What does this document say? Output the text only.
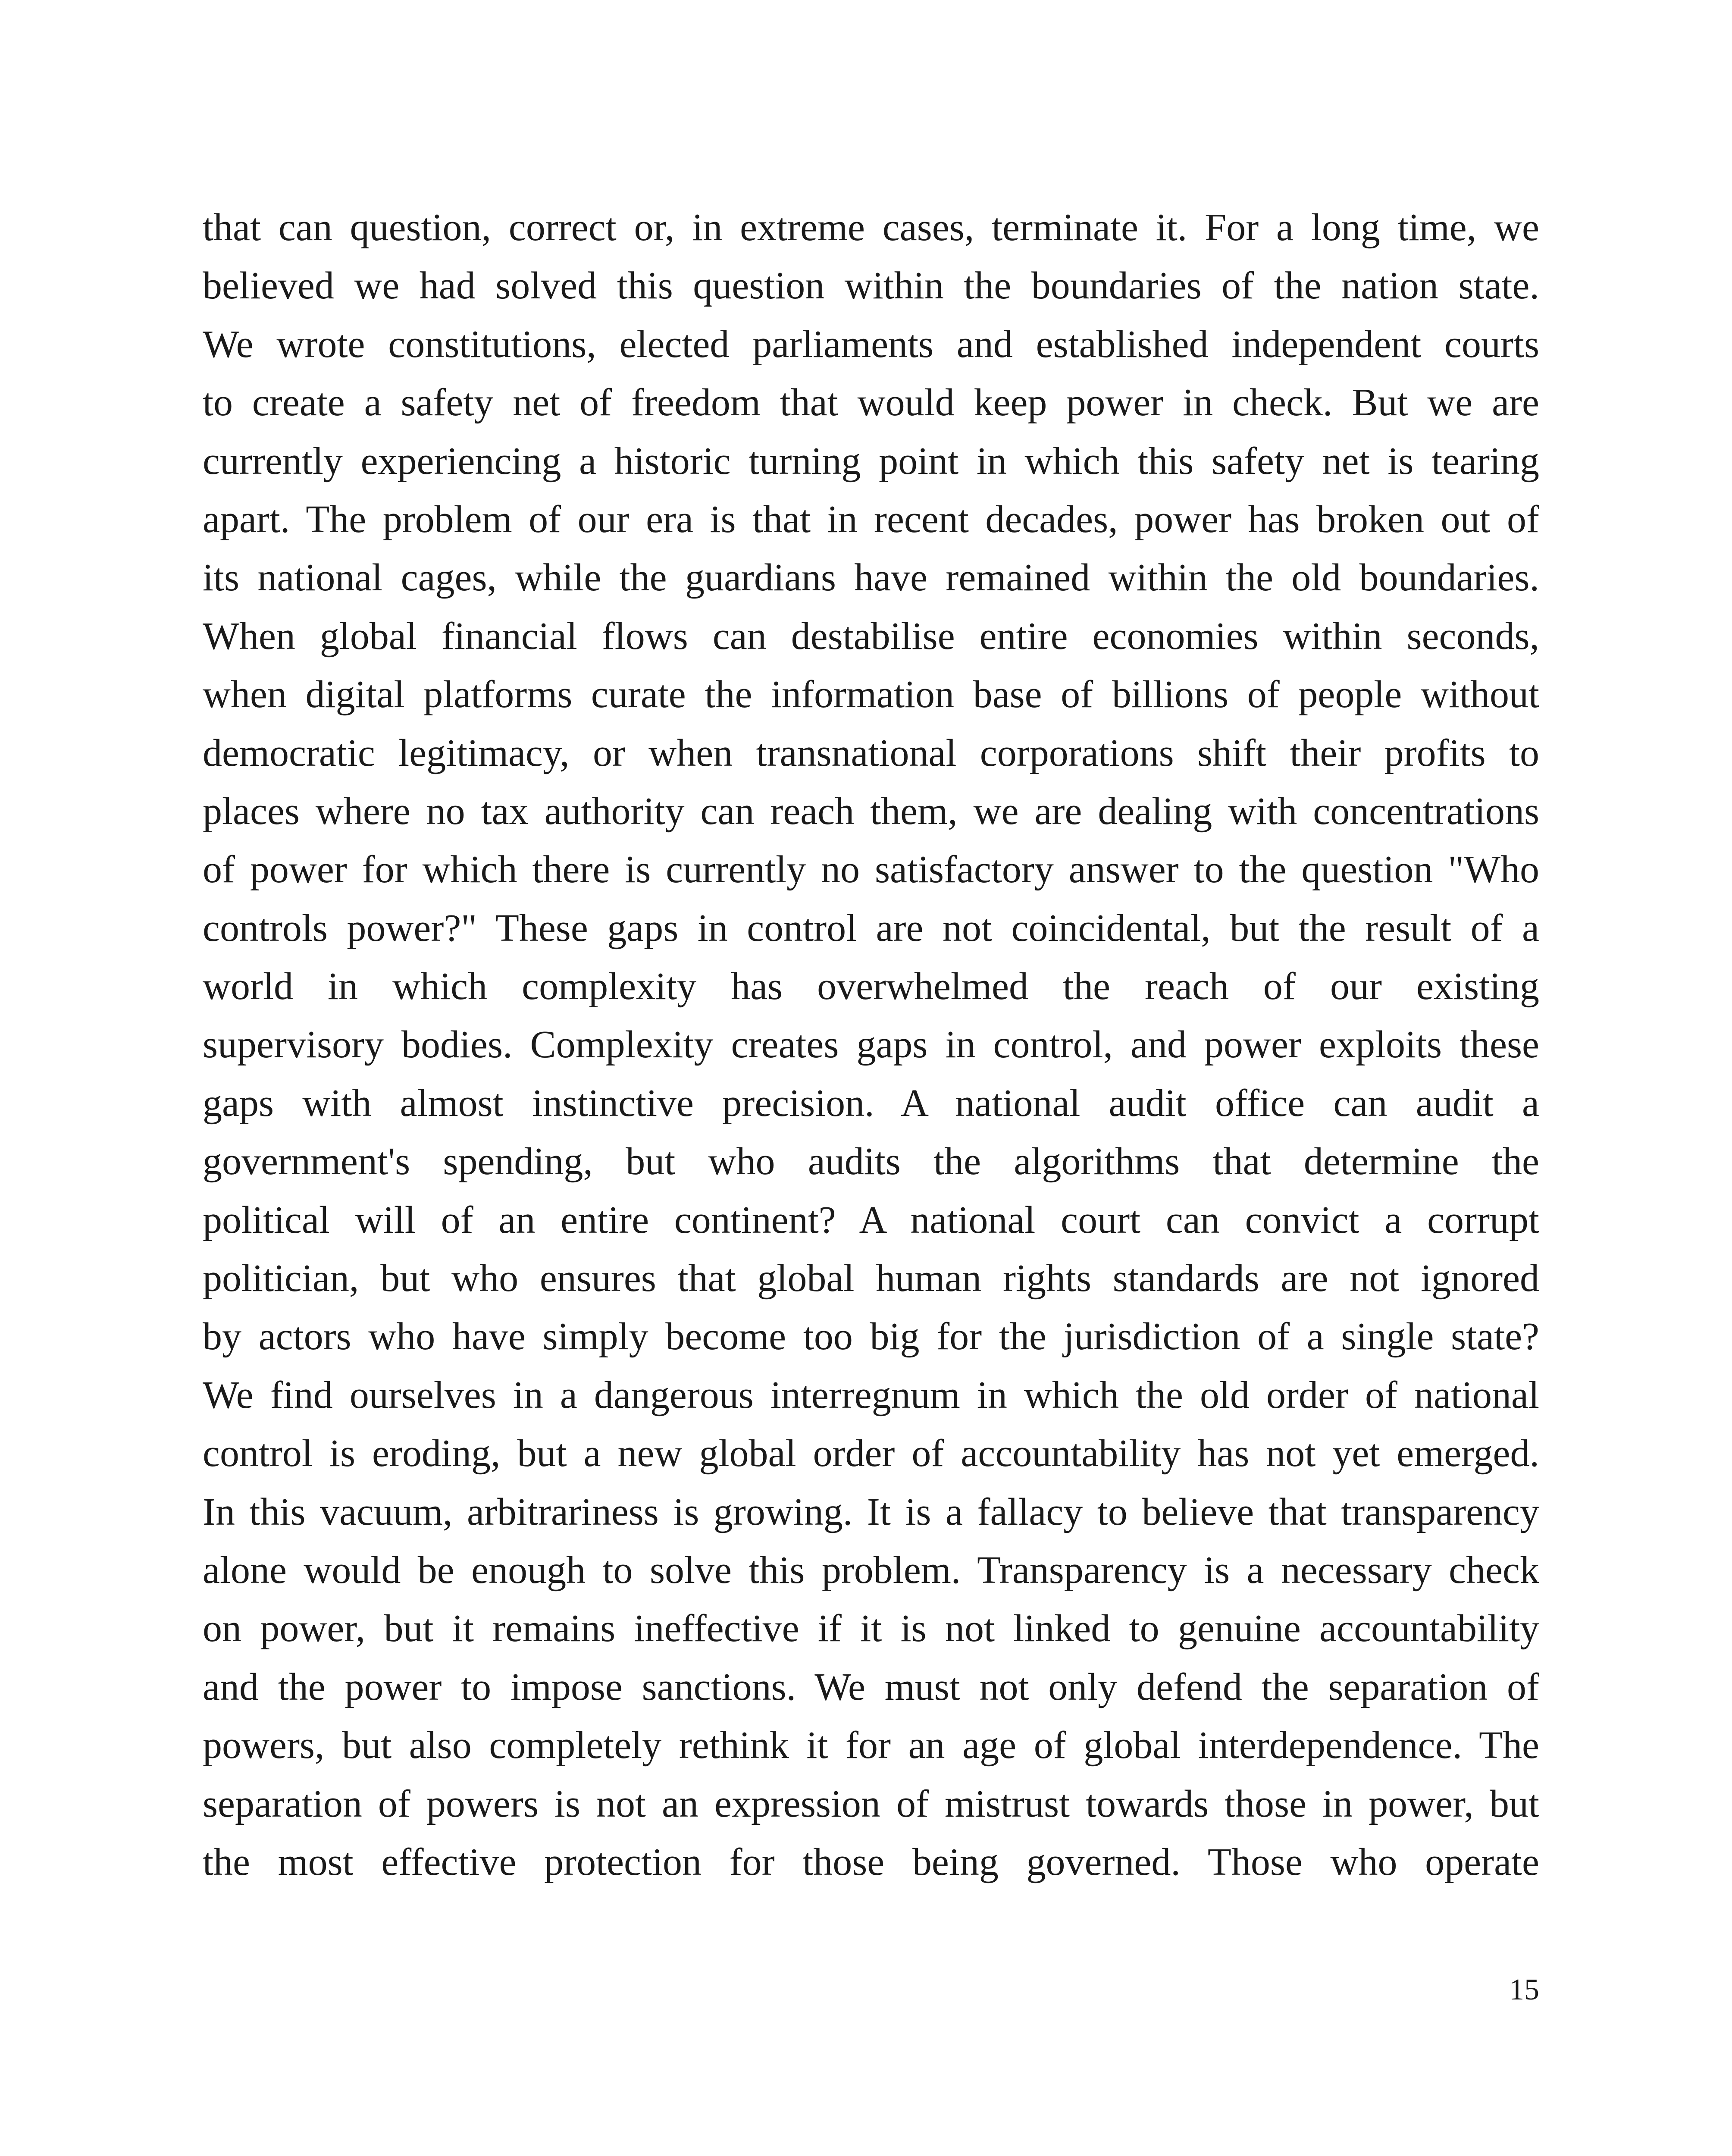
that can question, correct or, in extreme cases, terminate it. For a long time, we
believed we had solved this question within the boundaries of the nation state.
We wrote constitutions, elected parliaments and established independent courts
to create a safety net of freedom that would keep power in check. But we are
currently experiencing a historic turning point in which this safety net is tearing
apart. The problem of our era is that in recent decades, power has broken out of
its national cages, while the guardians have remained within the old boundaries.
When global financial flows can destabilise entire economies within seconds,
when digital platforms curate the information base of billions of people without
democratic legitimacy, or when transnational corporations shift their profits to
places where no tax authority can reach them, we are dealing with concentrations
of power for which there is currently no satisfactory answer to the question "Who
controls power?" These gaps in control are not coincidental, but the result of a
world in which complexity has overwhelmed the reach of our existing
supervisory bodies. Complexity creates gaps in control, and power exploits these
gaps with almost instinctive precision. A national audit office can audit a
government's spending, but who audits the algorithms that determine the
political will of an entire continent? A national court can convict a corrupt
politician, but who ensures that global human rights standards are not ignored
by actors who have simply become too big for the jurisdiction of a single state?
We find ourselves in a dangerous interregnum in which the old order of national
control is eroding, but a new global order of accountability has not yet emerged.
In this vacuum, arbitrariness is growing. It is a fallacy to believe that transparency
alone would be enough to solve this problem. Transparency is a necessary check
on power, but it remains ineffective if it is not linked to genuine accountability
and the power to impose sanctions. We must not only defend the separation of
powers, but also completely rethink it for an age of global interdependence. The
separation of powers is not an expression of mistrust towards those in power, but
the most effective protection for those being governed. Those who operate
15
